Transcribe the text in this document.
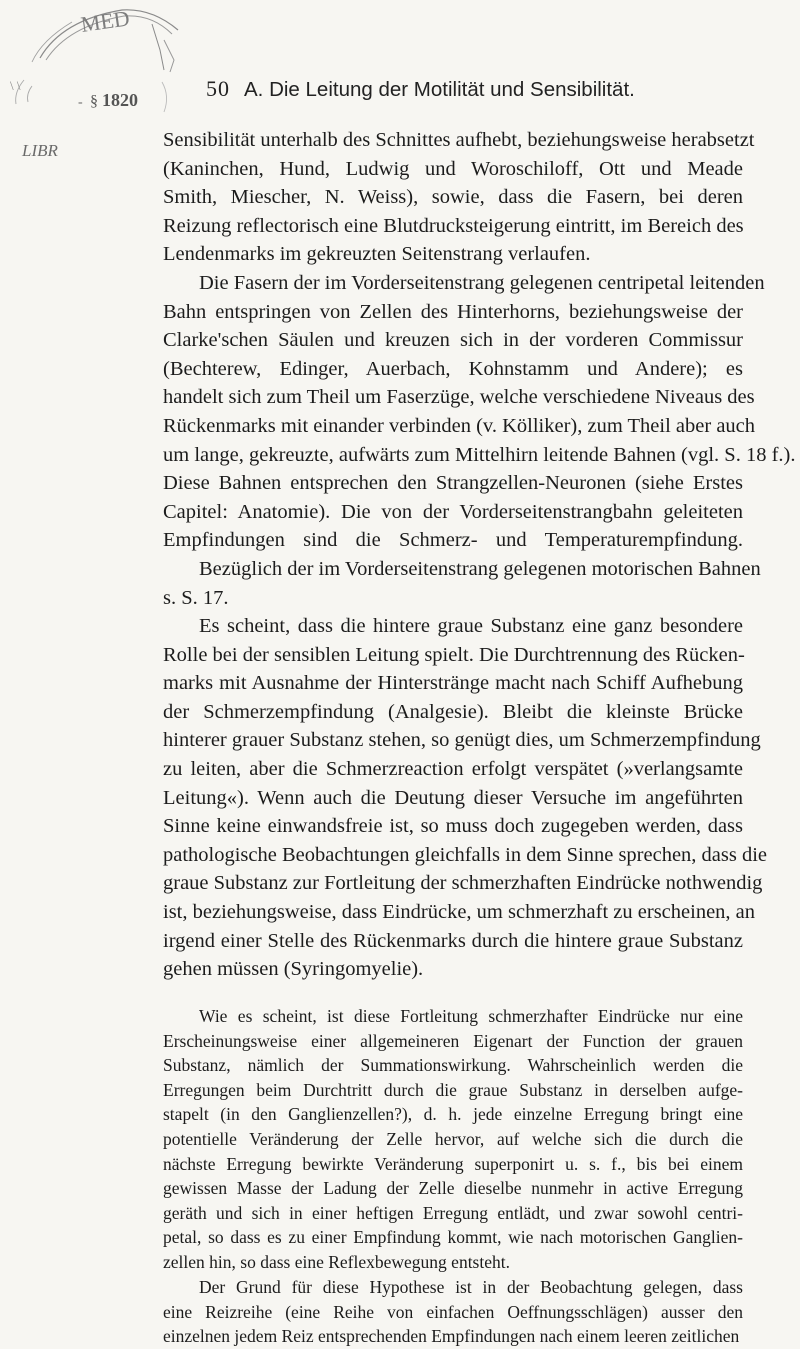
MED
LIBR
1820
§
-
\ \	50 A. Die Leitung der Motilität und Sensibilität.
Sensibilität unterhalb des Schnittes aufhebt, beziehungsweise herabsetzt
(Kaninchen, Hund, Ludwig und Woroschiloff, Ott und Meade
Smith, Miescher, N. Weiss), sowie, dass die Fasern, bei deren
Reizung reflectorisch eine Blutdrucksteigerung eintritt, im Bereich des
Lendenmarks im gekreuzten Seitenstrang verlaufen.
Die Fasern der im Vorderseitenstrang gelegenen centripetal leitenden
Bahn entspringen von Zellen des Hinterhorns, beziehungsweise der
Clarke'schen Säulen und kreuzen sich in der vorderen Commissur
(Bechterew, Edinger, Auerbach, Kohnstamm und Andere); es
handelt sich zum Theil um Faserzüge, welche verschiedene Niveaus des
Rückenmarks mit einander verbinden (v. Kölliker), zum Theil aber auch
um lange, gekreuzte, aufwärts zum Mittelhirn leitende Bahnen (vgl. S. 18 f.).
Diese Bahnen entsprechen den Strangzellen-Neuronen (siehe Erstes
Capitel: Anatomie). Die von der Vorderseitenstrangbahn geleiteten
Empfindungen sind die Schmerz- und Temperaturempfindung.
Bezüglich der im Vorderseitenstrang gelegenen motorischen Bahnen
s. S. 17.
Es scheint, dass die hintere graue Substanz eine ganz besondere
Rolle bei der sensiblen Leitung spielt. Die Durchtrennung des Rücken-
marks mit Ausnahme der Hinterstränge macht nach Schiff Aufhebung
der Schmerzempfindung (Analgesie). Bleibt die kleinste Brücke
hinterer grauer Substanz stehen, so genügt dies, um Schmerzempfindung
zu leiten, aber die Schmerzreaction erfolgt verspätet (»verlangsamte
Leitung«). Wenn auch die Deutung dieser Versuche im angeführten
Sinne keine einwandsfreie ist, so muss doch zugegeben werden, dass
pathologische Beobachtungen gleichfalls in dem Sinne sprechen, dass die
graue Substanz zur Fortleitung der schmerzhaften Eindrücke nothwendig
ist, beziehungsweise, dass Eindrücke, um schmerzhaft zu erscheinen, an
irgend einer Stelle des Rückenmarks durch die hintere graue Substanz
gehen müssen (Syringomyelie).
Wie es scheint, ist diese Fortleitung schmerzhafter Eindrücke nur eine
Erscheinungsweise einer allgemeineren Eigenart der Function der grauen
Substanz, nämlich der Summationswirkung. Wahrscheinlich werden die
Erregungen beim Durchtritt durch die graue Substanz in derselben aufge-
stapelt (in den Ganglienzellen?), d. h. jede einzelne Erregung bringt eine
potentielle Veränderung der Zelle hervor, auf welche sich die durch die
nächste Erregung bewirkte Veränderung superponirt u. s. f., bis bei einem
gewissen Masse der Ladung der Zelle dieselbe nunmehr in active Erregung
geräth und sich in einer heftigen Erregung entlädt, und zwar sowohl centri-
petal, so dass es zu einer Empfindung kommt, wie nach motorischen Ganglien-
zellen hin, so dass eine Reflexbewegung entsteht.
Der Grund für diese Hypothese ist in der Beobachtung gelegen, dass
eine Reizreihe (eine Reihe von einfachen Oeffnungsschlägen) ausser den
einzelnen jedem Reiz entsprechenden Empfindungen nach einem leeren zeitlichen
